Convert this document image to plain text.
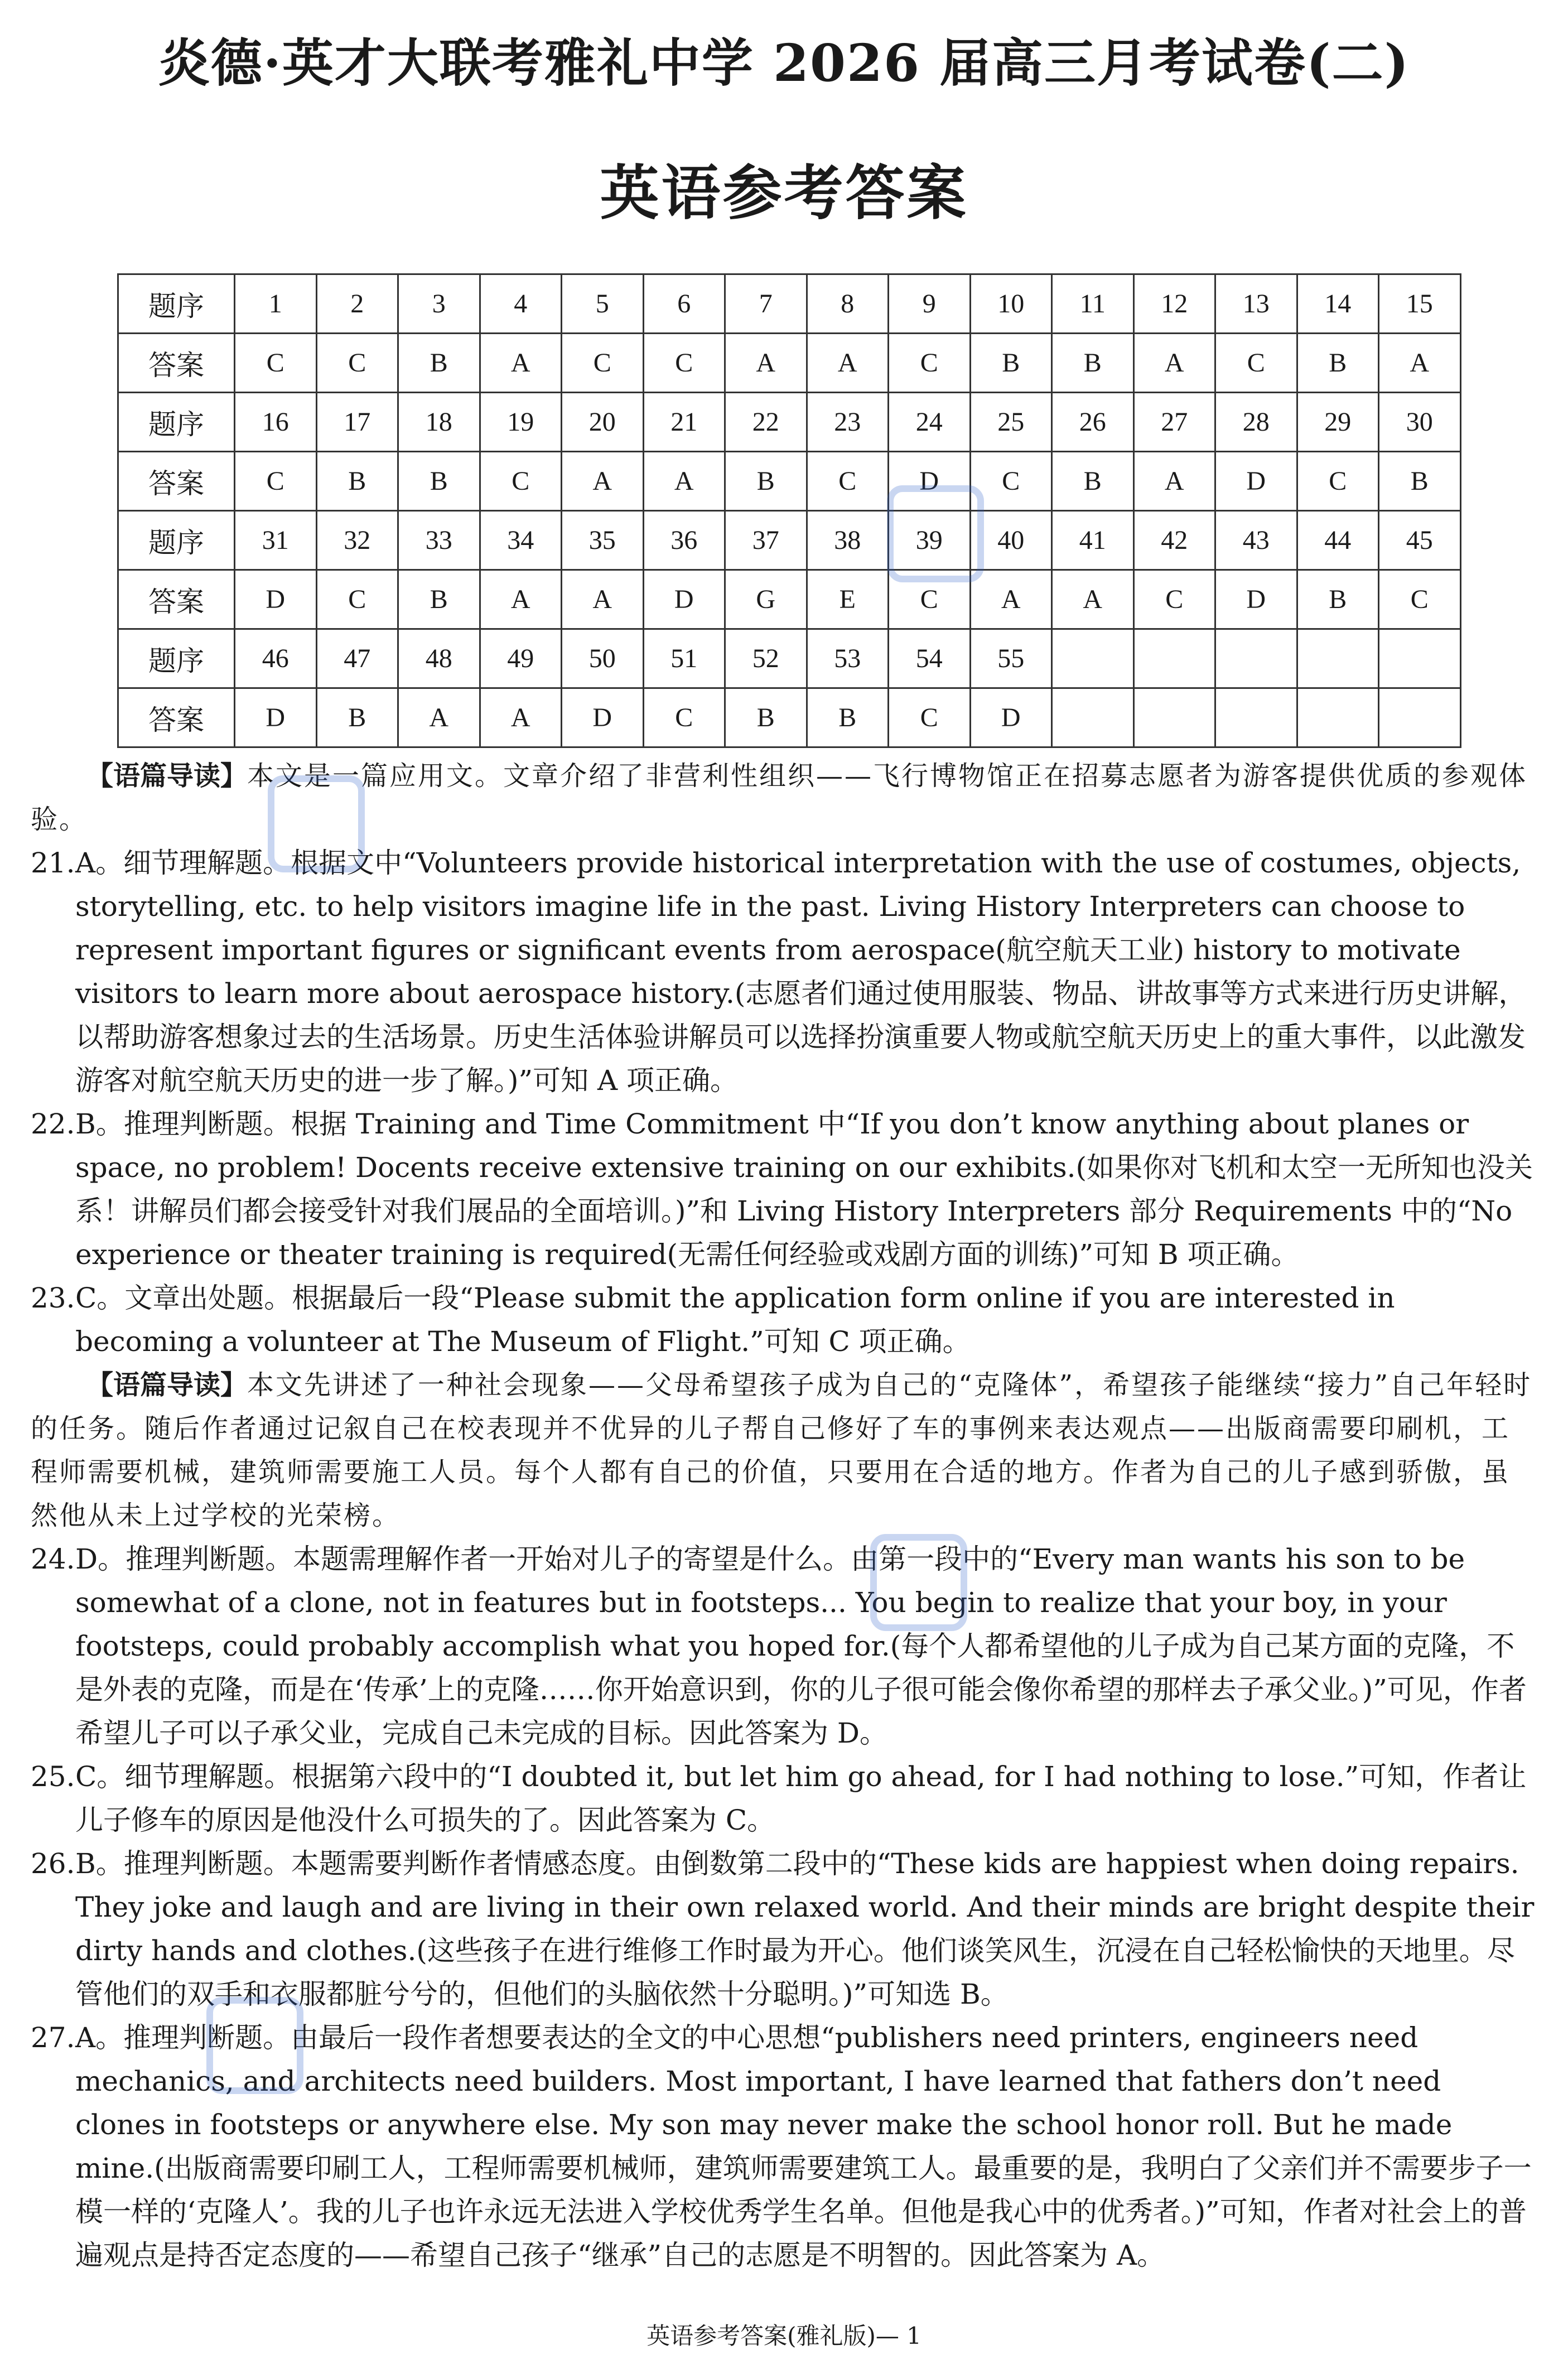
炎德·英才大联考雅礼中学 2026 届高三月考试卷(二)
英语参考答案
题序	1	2	3	4	5	6	7	8	9	10	11	12	13	14	15
答案	C	C	B	A	C	C	A	A	C	B	B	A	C	B	A
题序	16	17	18	19	20	21	22	23	24	25	26	27	28	29	30
答案	C	B	B	C	A	A	B	C	D	C	B	A	D	C	B
题序	31	32	33	34	35	36	37	38	39	40	41	42	43	44	45
答案	D	C	B	A	A	D	G	E	C	A	A	C	D	B	C
题序	46	47	48	49	50	51	52	53	54	55					
答案	D	B	A	A	D	C	B	B	C	D					

【语篇导读】本文是一篇应用文。文章介绍了非营利性组织——飞行博物馆正在招募志愿者为游客提供优质的参观体验。

21.A。细节理解题。根据文中“Volunteers provide historical interpretation with the use of costumes, objects, storytelling, etc. to help visitors imagine life in the past. Living History Interpreters can choose to represent important figures or significant events from aerospace(航空航天工业) history to motivate visitors to learn more about aerospace history.(志愿者们通过使用服装、物品、讲故事等方式来进行历史讲解，以帮助游客想象过去的生活场景。历史生活体验讲解员可以选择扮演重要人物或航空航天历史上的重大事件，以此激发游客对航空航天历史的进一步了解。)”可知 A 项正确。

22.B。推理判断题。根据 Training and Time Commitment 中“If you don’t know anything about planes or space, no problem! Docents receive extensive training on our exhibits.(如果你对飞机和太空一无所知也没关系！讲解员们都会接受针对我们展品的全面培训。)”和 Living History Interpreters 部分 Requirements 中的“No experience or theater training is required(无需任何经验或戏剧方面的训练)”可知 B 项正确。

23.C。文章出处题。根据最后一段“Please submit the application form online if you are interested in becoming a volunteer at The Museum of Flight.”可知 C 项正确。

【语篇导读】本文先讲述了一种社会现象——父母希望孩子成为自己的“克隆体”，希望孩子能继续“接力”自己年轻时的任务。随后作者通过记叙自己在校表现并不优异的儿子帮自己修好了车的事例来表达观点——出版商需要印刷机，工程师需要机械，建筑师需要施工人员。每个人都有自己的价值，只要用在合适的地方。作者为自己的儿子感到骄傲，虽然他从未上过学校的光荣榜。

24.D。推理判断题。本题需理解作者一开始对儿子的寄望是什么。由第一段中的“Every man wants his son to be somewhat of a clone, not in features but in footsteps... You begin to realize that your boy, in your footsteps, could probably accomplish what you hoped for.(每个人都希望他的儿子成为自己某方面的克隆，不是外表的克隆，而是在‘传承’上的克隆……你开始意识到，你的儿子很可能会像你希望的那样去子承父业。)”可见，作者希望儿子可以子承父业，完成自己未完成的目标。因此答案为 D。

25.C。细节理解题。根据第六段中的“I doubted it, but let him go ahead, for I had nothing to lose.”可知，作者让儿子修车的原因是他没什么可损失的了。因此答案为 C。

26.B。推理判断题。本题需要判断作者情感态度。由倒数第二段中的“These kids are happiest when doing repairs. They joke and laugh and are living in their own relaxed world. And their minds are bright despite their dirty hands and clothes.(这些孩子在进行维修工作时最为开心。他们谈笑风生，沉浸在自己轻松愉快的天地里。尽管他们的双手和衣服都脏兮兮的，但他们的头脑依然十分聪明。)”可知选 B。

27.A。推理判断题。由最后一段作者想要表达的全文的中心思想“publishers need printers, engineers need mechanics, and architects need builders. Most important, I have learned that fathers don’t need clones in footsteps or anywhere else. My son may never make the school honor roll. But he made mine.(出版商需要印刷工人，工程师需要机械师，建筑师需要建筑工人。最重要的是，我明白了父亲们并不需要步子一模一样的‘克隆人’。我的儿子也许永远无法进入学校优秀学生名单。但他是我心中的优秀者。)”可知，作者对社会上的普遍观点是持否定态度的——希望自己孩子“继承”自己的志愿是不明智的。因此答案为 A。

英语参考答案(雅礼版)— 1
